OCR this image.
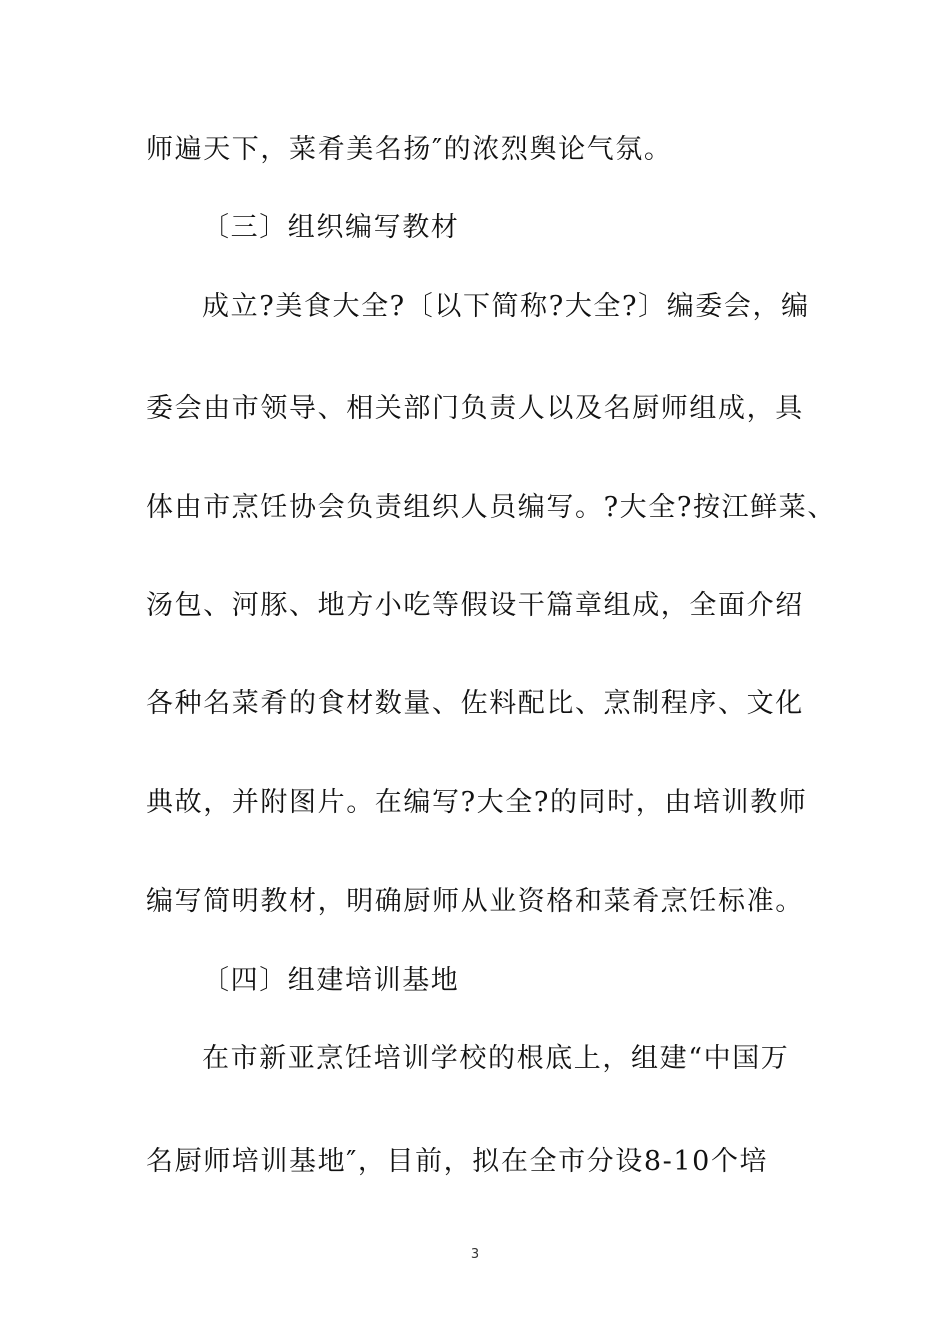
师遍天下，菜肴美名扬″的浓烈舆论气氛。
〔三〕组织编写教材
成立?美食大全?〔以下简称?大全?〕编委会，编
委会由市领导、相关部门负责人以及名厨师组成，具
体由市烹饪协会负责组织人员编写。?大全?按江鲜菜、
汤包、河豚、地方小吃等假设干篇章组成，全面介绍
各种名菜肴的食材数量、佐料配比、烹制程序、文化
典故，并附图片。在编写?大全?的同时，由培训教师
编写简明教材，明确厨师从业资格和菜肴烹饪标准。
〔四〕组建培训基地
在市新亚烹饪培训学校的根底上，组建“中国万
名厨师培训基地″，目前，拟在全市分设8-10个培
3
